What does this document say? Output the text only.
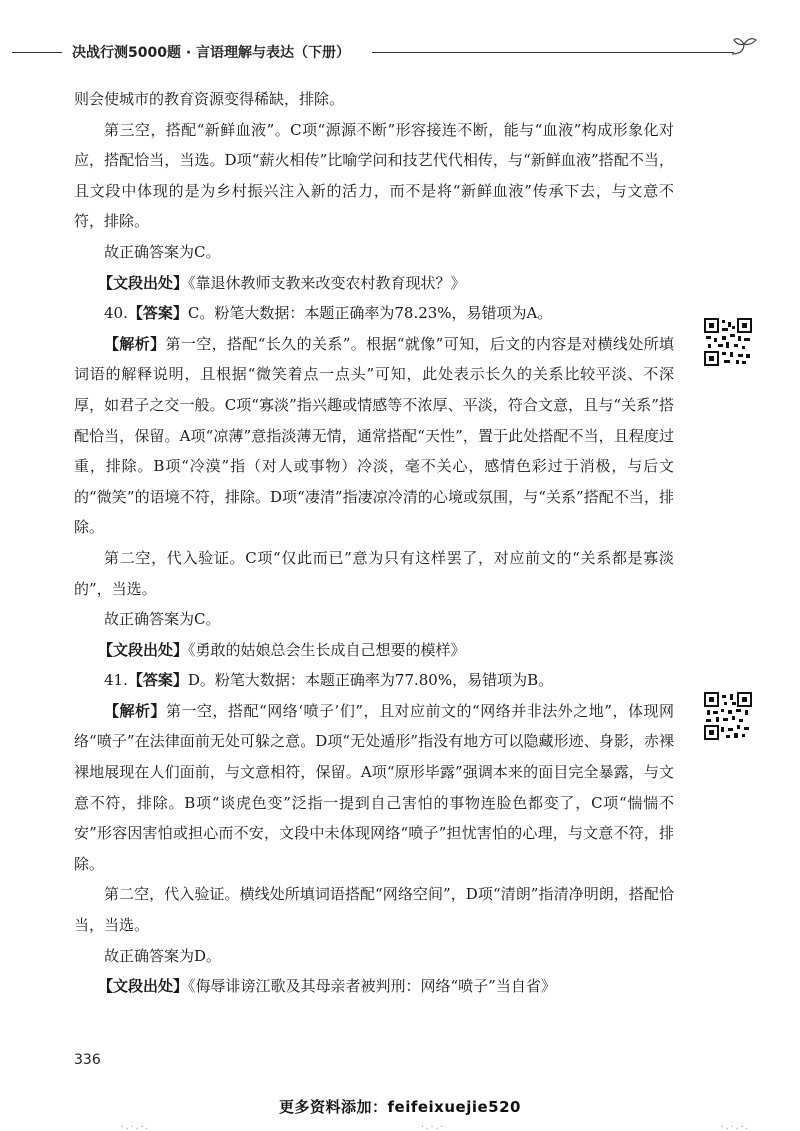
决战行测5000题 · 言语理解与表达（下册）

则会使城市的教育资源变得稀缺，排除。

第三空，搭配“新鲜血液”。C项“源源不断”形容接连不断，能与“血液”构成形象化对应，搭配恰当，当选。D项“薪火相传”比喻学问和技艺代代相传，与“新鲜血液”搭配不当，且文段中体现的是为乡村振兴注入新的活力，而不是将“新鲜血液”传承下去，与文意不符，排除。

故正确答案为C。

【文段出处】《靠退休教师支教来改变农村教育现状？》

40.【答案】C。粉笔大数据：本题正确率为78.23%，易错项为A。

【解析】第一空，搭配“长久的关系”。根据“就像”可知，后文的内容是对横线处所填词语的解释说明，且根据“微笑着点一点头”可知，此处表示长久的关系比较平淡、不深厚，如君子之交一般。C项“寡淡”指兴趣或情感等不浓厚、平淡，符合文意，且与“关系”搭配恰当，保留。A项“凉薄”意指淡薄无情，通常搭配“天性”，置于此处搭配不当，且程度过重，排除。B项“冷漠”指（对人或事物）冷淡，毫不关心，感情色彩过于消极，与后文的“微笑”的语境不符，排除。D项“凄清”指凄凉冷清的心境或氛围，与“关系”搭配不当，排除。

第二空，代入验证。C项“仅此而已”意为只有这样罢了，对应前文的“关系都是寡淡的”，当选。

故正确答案为C。

【文段出处】《勇敢的姑娘总会生长成自己想要的模样》

41.【答案】D。粉笔大数据：本题正确率为77.80%，易错项为B。

【解析】第一空，搭配“网络‘喷子’们”，且对应前文的“网络并非法外之地”，体现网络“喷子”在法律面前无处可躲之意。D项“无处遁形”指没有地方可以隐藏形迹、身影，赤裸裸地展现在人们面前，与文意相符，保留。A项“原形毕露”强调本来的面目完全暴露，与文意不符，排除。B项“谈虎色变”泛指一提到自己害怕的事物连脸色都变了，C项“惴惴不安”形容因害怕或担心而不安，文段中未体现网络“喷子”担忧害怕的心理，与文意不符，排除。

第二空，代入验证。横线处所填词语搭配“网络空间”，D项“清朗”指清净明朗，搭配恰当，当选。

故正确答案为D。

【文段出处】《侮辱诽谤江歌及其母亲者被判刑：网络“喷子”当自省》

336
更多资料添加：feifeixuejie520
·.·.·.	·.·.·	·.·.·.
